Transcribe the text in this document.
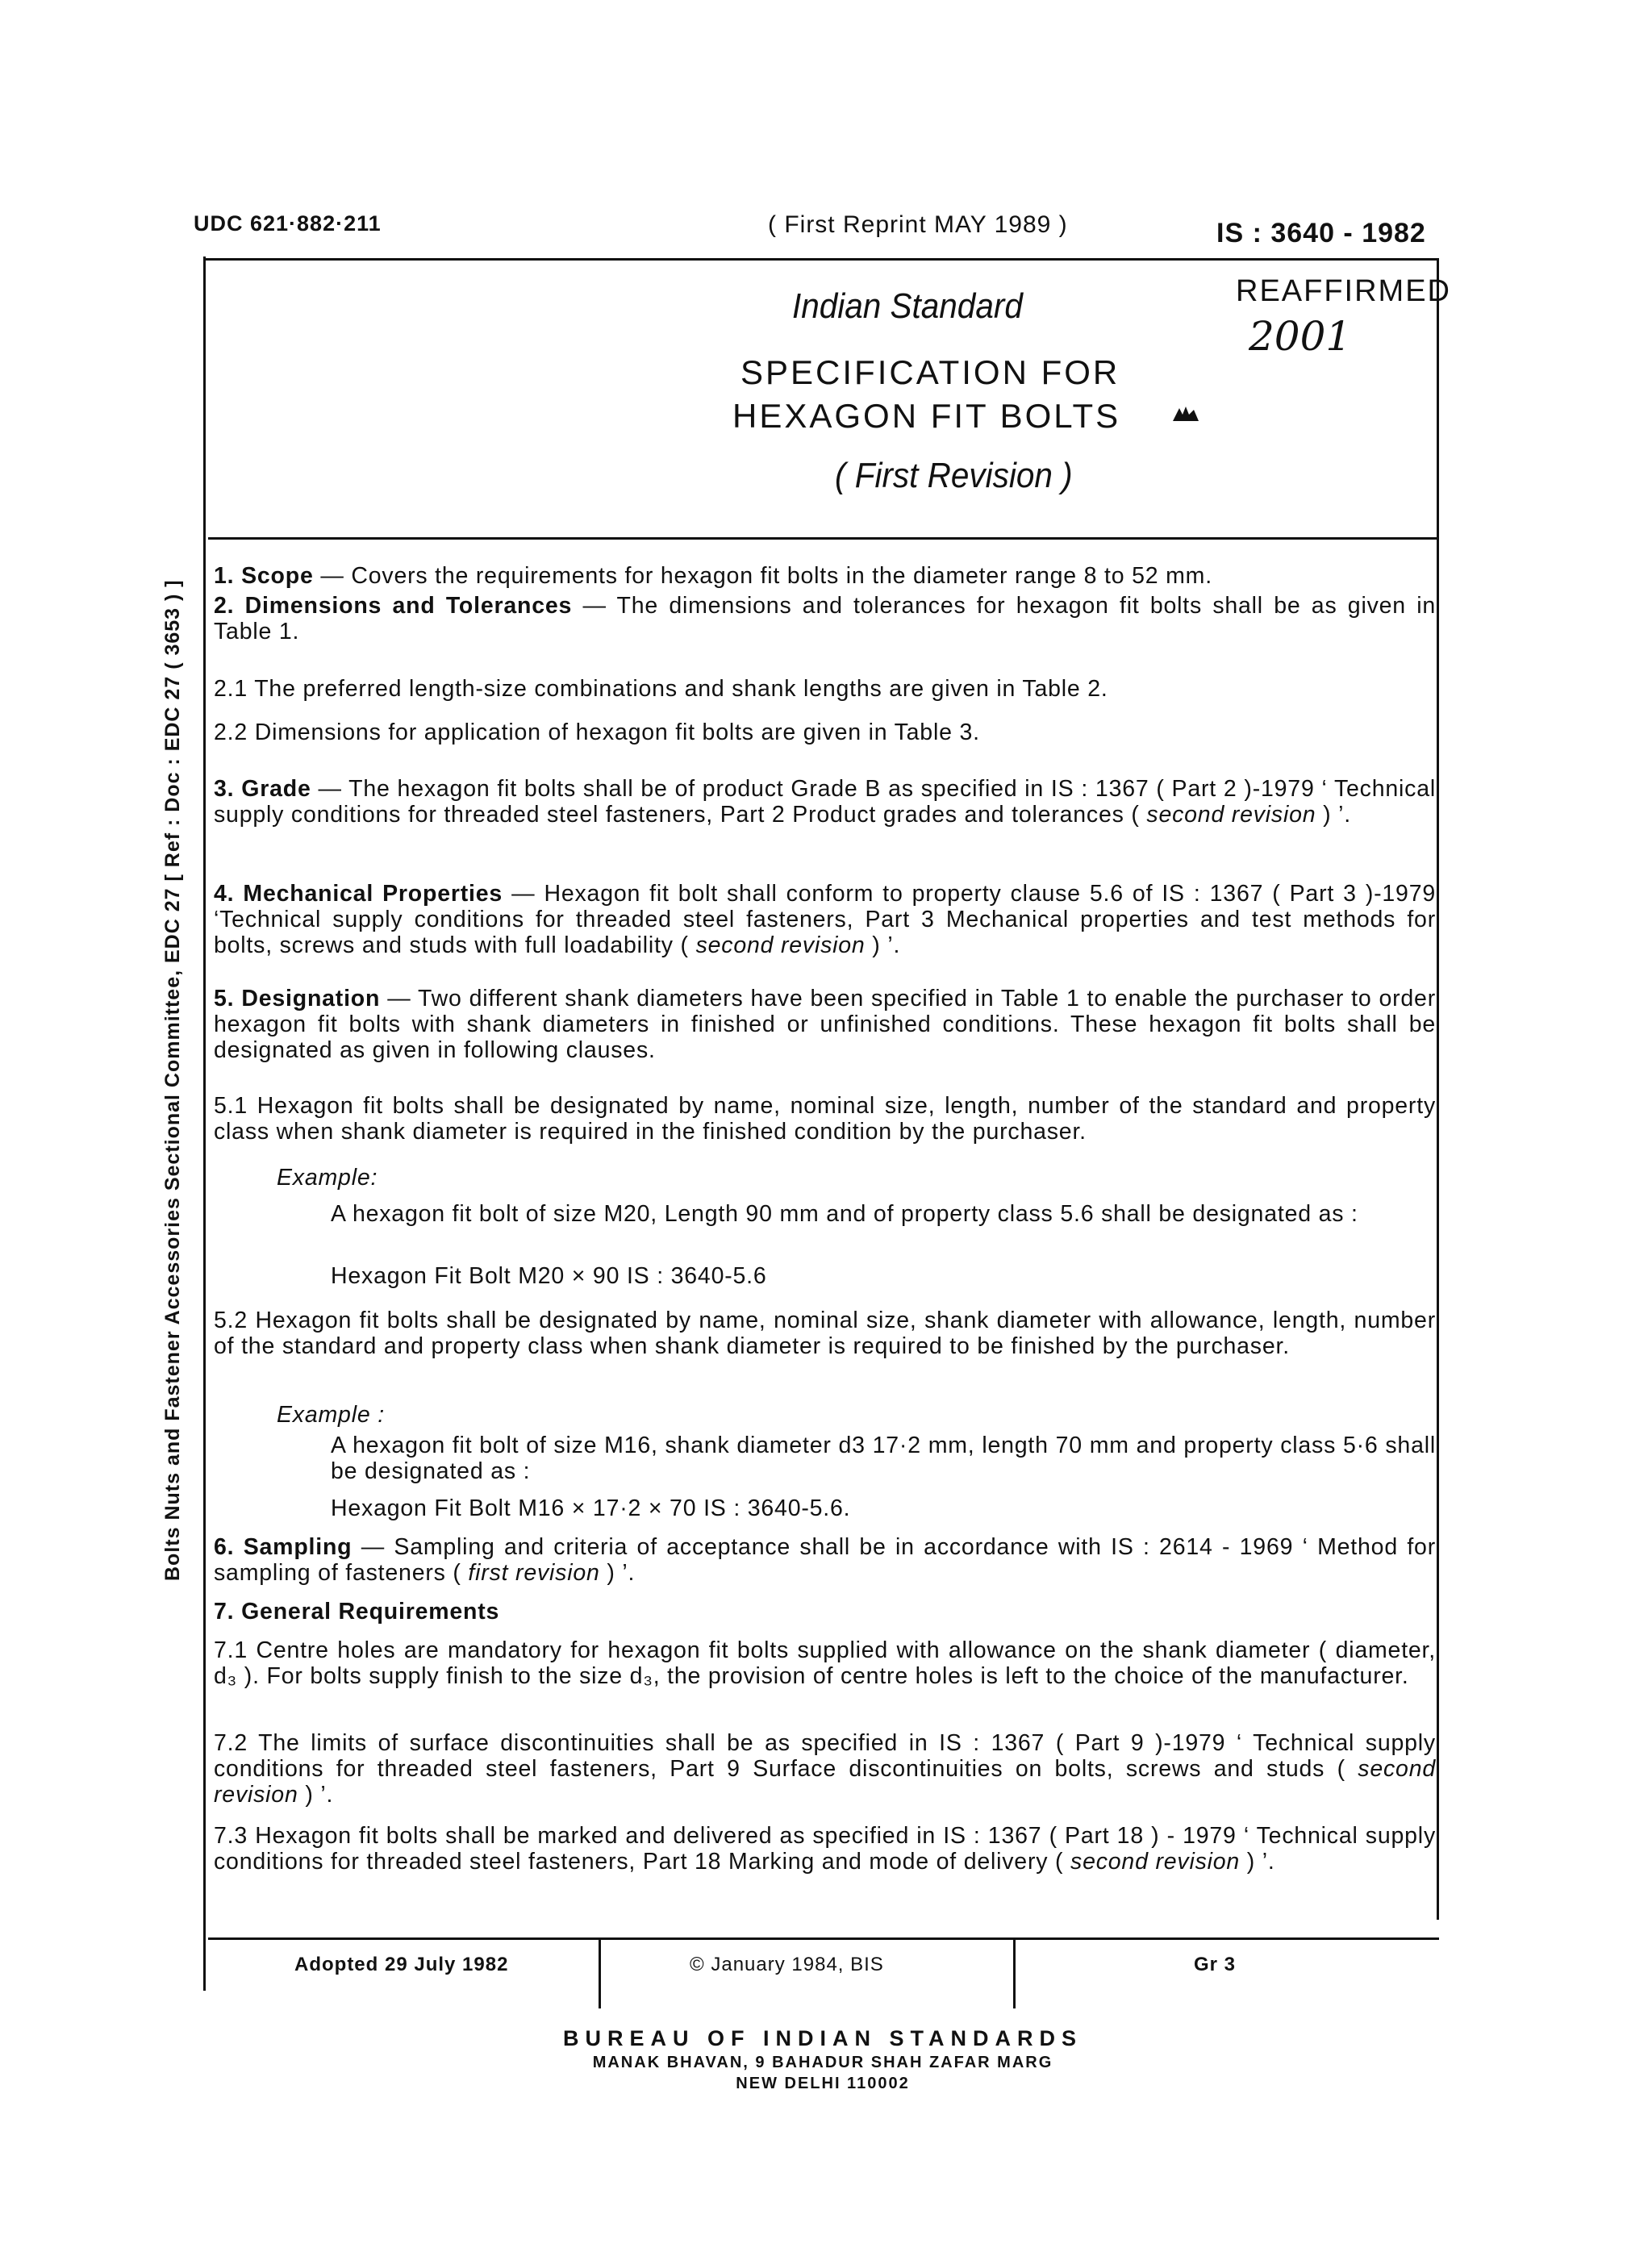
UDC 621·882·211	( First Reprint MAY 1989 )	IS : 3640 - 1982
Indian Standard
SPECIFICATION FOR
HEXAGON FIT BOLTS
( First Revision )
REAFFIRMED
2001
Bolts Nuts and Fastener Accessories Sectional Committee, EDC 27 [ Ref : Doc : EDC 27 ( 3653 ) ]
1. Scope — Covers the requirements for hexagon fit bolts in the diameter range 8 to 52 mm.
2. Dimensions and Tolerances — The dimensions and tolerances for hexagon fit bolts shall be as given in Table 1.
2.1 The preferred length-size combinations and shank lengths are given in Table 2.
2.2 Dimensions for application of hexagon fit bolts are given in Table 3.
3. Grade — The hexagon fit bolts shall be of product Grade B as specified in IS : 1367 ( Part 2 )-1979 ‘ Technical supply conditions for threaded steel fasteners, Part 2 Product grades and tolerances ( second revision ) ’.
4. Mechanical Properties — Hexagon fit bolt shall conform to property clause 5.6 of IS : 1367 ( Part 3 )-1979 ‘Technical supply conditions for threaded steel fasteners, Part 3 Mechanical properties and test methods for bolts, screws and studs with full loadability ( second revision ) ’.
5. Designation — Two different shank diameters have been specified in Table 1 to enable the purchaser to order hexagon fit bolts with shank diameters in finished or unfinished conditions. These hexagon fit bolts shall be designated as given in following clauses.
5.1 Hexagon fit bolts shall be designated by name, nominal size, length, number of the standard and property class when shank diameter is required in the finished condition by the purchaser.
Example:
A hexagon fit bolt of size M20, Length 90 mm and of property class 5.6 shall be designated as :
Hexagon Fit Bolt M20 × 90 IS : 3640-5.6
5.2 Hexagon fit bolts shall be designated by name, nominal size, shank diameter with allowance, length, number of the standard and property class when shank diameter is required to be finished by the purchaser.
Example :
A hexagon fit bolt of size M16, shank diameter d3 17·2 mm, length 70 mm and property class 5·6 shall be designated as :
Hexagon Fit Bolt M16 × 17·2 × 70 IS : 3640-5.6.
6. Sampling — Sampling and criteria of acceptance shall be in accordance with IS : 2614 - 1969 ‘ Method for sampling of fasteners ( first revision ) ’.
7. General Requirements
7.1 Centre holes are mandatory for hexagon fit bolts supplied with allowance on the shank diameter ( diameter, d₃ ). For bolts supply finish to the size d₃, the provision of centre holes is left to the choice of the manufacturer.
7.2 The limits of surface discontinuities shall be as specified in IS : 1367 ( Part 9 )-1979 ‘ Technical supply conditions for threaded steel fasteners, Part 9 Surface discontinuities on bolts, screws and studs ( second revision ) ’.
7.3 Hexagon fit bolts shall be marked and delivered as specified in IS : 1367 ( Part 18 ) - 1979 ‘ Technical supply conditions for threaded steel fasteners, Part 18 Marking and mode of delivery ( second revision ) ’.
Adopted 29 July 1982	© January 1984, BIS	Gr 3
BUREAU OF INDIAN STANDARDS
MANAK BHAVAN, 9 BAHADUR SHAH ZAFAR MARG
NEW DELHI 110002
